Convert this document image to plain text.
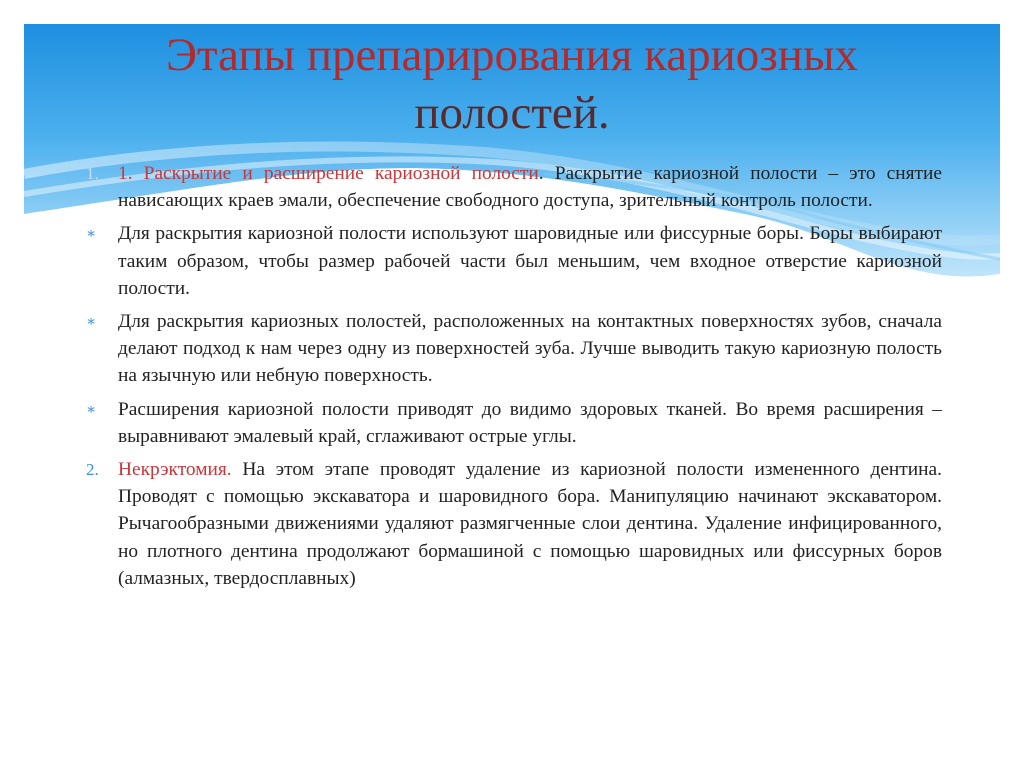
Этапы препарирования кариозных
полостей.
1. 1. Раскрытие и расширение кариозной полости. Раскрытие кариозной полости – это снятие нависающих краев эмали, обеспечение свободного доступа, зрительный контроль полости.
∗ Для раскрытия кариозной полости используют шаровидные или фиссурные боры. Боры выбирают таким образом, чтобы размер рабочей части был меньшим, чем входное отверстие кариозной полости.
∗ Для раскрытия кариозных полостей, расположенных на контактных поверхностях зубов, сначала делают подход к нам через одну из поверхностей зуба. Лучше выводить такую кариозную полость на язычную или небную поверхность.
∗ Расширения кариозной полости приводят до видимо здоровых тканей. Во время расширения – выравнивают эмалевый край, сглаживают острые углы.
2. Некрэктомия. На этом этапе проводят удаление из кариозной полости измененного дентина. Проводят с помощью экскаватора и шаровидного бора. Манипуляцию начинают экскаватором. Рычагообразными движениями удаляют размягченные слои дентина. Удаление инфицированного, но плотного дентина продолжают бормашиной с помощью шаровидных или фиссурных боров (алмазных, твердосплавных)
